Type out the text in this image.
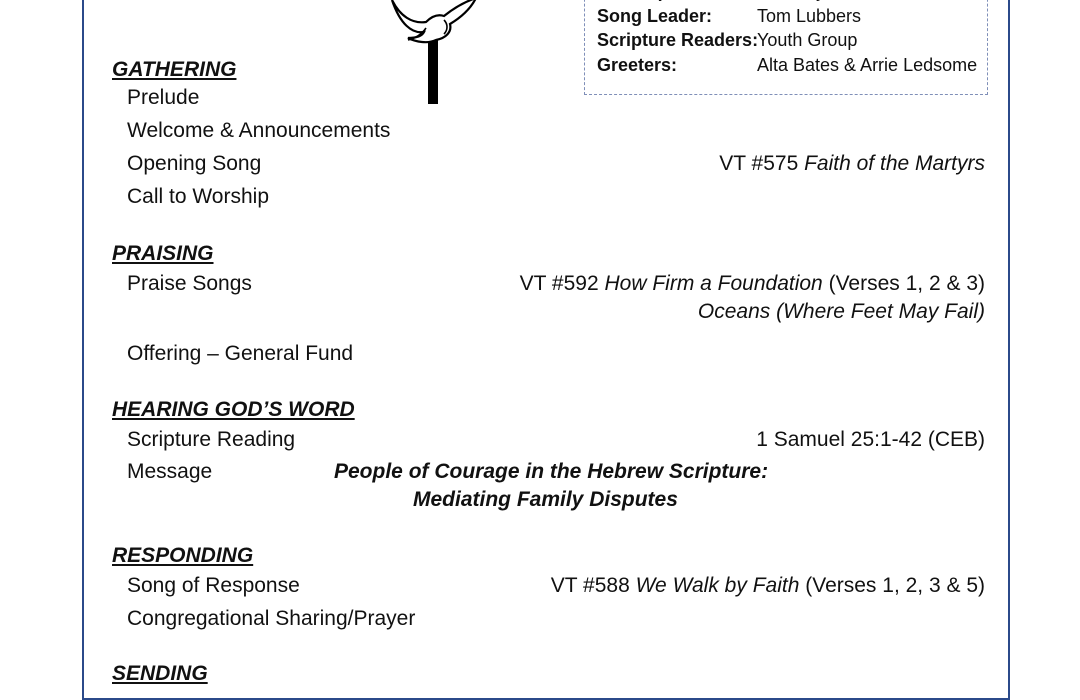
Song Leader: Tom Lubbers
Scripture Readers:Youth Group
Greeters:	Alta Bates & Arrie Ledsome
GATHERING
Prelude
Welcome & Announcements
Opening Song	VT #575 Faith of the Martyrs
Call to Worship
PRAISING
Praise Songs	VT #592 How Firm a Foundation (Verses 1, 2 & 3)
Oceans (Where Feet May Fail)
Offering – General Fund
HEARING GOD’S WORD
Scripture Reading	1 Samuel 25:1-42 (CEB)
Message	People of Courage in the Hebrew Scripture:
Mediating Family Disputes
RESPONDING
Song of Response	VT #588 We Walk by Faith (Verses 1, 2, 3 & 5)
Congregational Sharing/Prayer
SENDING
